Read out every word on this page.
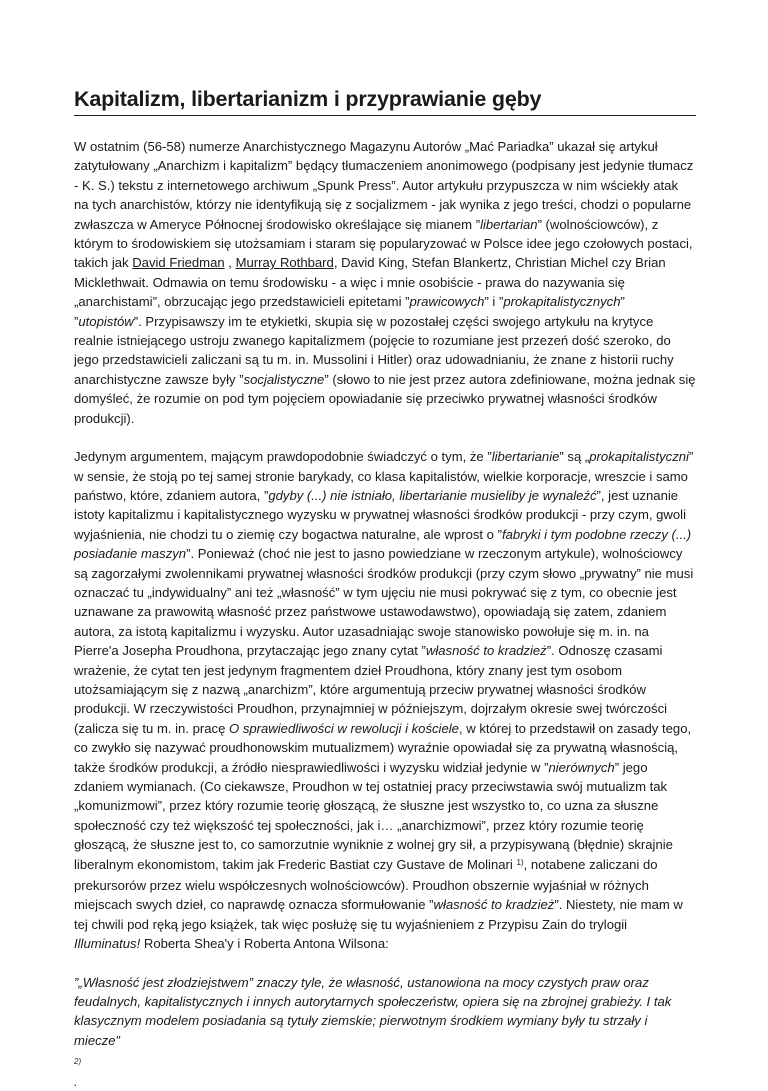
Kapitalizm, libertarianizm i przyprawianie gęby

W ostatnim (56-58) numerze Anarchistycznego Magazynu Autorów „Mać Pariadka” ukazał się artykuł zatytułowany „Anarchizm i kapitalizm” będący tłumaczeniem anonimowego (podpisany jest jedynie tłumacz - K. S.) tekstu z internetowego archiwum „Spunk Press”. Autor artykułu przypuszcza w nim wściekły atak na tych anarchistów, którzy nie identyfikują się z socjalizmem - jak wynika z jego treści, chodzi o popularne zwłaszcza w Ameryce Północnej środowisko określające się mianem ”libertarian” (wolnościowców), z którym to środowiskiem się utożsamiam i staram się popularyzować w Polsce idee jego czołowych postaci, takich jak David Friedman , Murray Rothbard, David King, Stefan Blankertz, Christian Michel czy Brian Micklethwait. Odmawia on temu środowisku - a więc i mnie osobiście - prawa do nazywania się „anarchistami”, obrzucając jego przedstawicieli epitetami ”prawicowych” i ”prokapitalistycznych” ”utopistów”. Przypisawszy im te etykietki, skupia się w pozostałej części swojego artykułu na krytyce realnie istniejącego ustroju zwanego kapitalizmem (pojęcie to rozumiane jest przezeń dość szeroko, do jego przedstawicieli zaliczani są tu m. in. Mussolini i Hitler) oraz udowadnianiu, że znane z historii ruchy anarchistyczne zawsze były ”socjalistyczne” (słowo to nie jest przez autora zdefiniowane, można jednak się domyśleć, że rozumie on pod tym pojęciem opowiadanie się przeciwko prywatnej własności środków produkcji).

Jedynym argumentem, mającym prawdopodobnie świadczyć o tym, że ”libertarianie” są „prokapitalistyczni” w sensie, że stoją po tej samej stronie barykady, co klasa kapitalistów, wielkie korporacje, wreszcie i samo państwo, które, zdaniem autora, ”gdyby (...) nie istniało, libertarianie musieliby je wynaleźć”, jest uznanie istoty kapitalizmu i kapitalistycznego wyzysku w prywatnej własności środków produkcji - przy czym, gwoli wyjaśnienia, nie chodzi tu o ziemię czy bogactwa naturalne, ale wprost o ”fabryki i tym podobne rzeczy (...) posiadanie maszyn”. Ponieważ (choć nie jest to jasno powiedziane w rzeczonym artykule), wolnościowcy są zagorzałymi zwolennikami prywatnej własności środków produkcji (przy czym słowo „prywatny” nie musi oznaczać tu „indywidualny” ani też „własność” w tym ujęciu nie musi pokrywać się z tym, co obecnie jest uznawane za prawowitą własność przez państwowe ustawodawstwo), opowiadają się zatem, zdaniem autora, za istotą kapitalizmu i wyzysku. Autor uzasadniając swoje stanowisko powołuje się m. in. na Pierre'a Josepha Proudhona, przytaczając jego znany cytat ”własność to kradzież”. Odnoszę czasami wrażenie, że cytat ten jest jedynym fragmentem dzieł Proudhona, który znany jest tym osobom utożsamiającym się z nazwą „anarchizm”, które argumentują przeciw prywatnej własności środków produkcji. W rzeczywistości Proudhon, przynajmniej w późniejszym, dojrzałym okresie swej twórczości (zalicza się tu m. in. pracę O sprawiedliwości w rewolucji i kościele, w której to przedstawił on zasady tego, co zwykło się nazywać proudhonowskim mutualizmem) wyraźnie opowiadał się za prywatną własnością, także środków produkcji, a źródło niesprawiedliwości i wyzysku widział jedynie w ”nierównych” jego zdaniem wymianach. (Co ciekawsze, Proudhon w tej ostatniej pracy przeciwstawia swój mutualizm tak „komunizmowi”, przez który rozumie teorię głoszącą, że słuszne jest wszystko to, co uzna za słuszne społeczność czy też większość tej społeczności, jak i… „anarchizmowi”, przez który rozumie teorię głoszącą, że słuszne jest to, co samorzutnie wyniknie z wolnej gry sił, a przypisywaną (błędnie) skrajnie liberalnym ekonomistom, takim jak Frederic Bastiat czy Gustave de Molinari $^{1)}$, notabene zaliczani do prekursorów przez wielu współczesnych wolnościowców). Proudhon obszernie wyjaśniał w różnych miejscach swych dzieł, co naprawdę oznacza sformułowanie ”własność to kradzież”. Niestety, nie mam w tej chwili pod ręką jego książek, tak więc posłużę się tu wyjaśnieniem z Przypisu Zain do trylogii Illuminatus! Roberta Shea'y i Roberta Antona Wilsona:

”„Własność jest złodziejstwem” znaczy tyle, że własność, ustanowiona na mocy czystych praw oraz feudalnych, kapitalistycznych i innych autorytarnych społeczeństw, opiera się na zbrojnej grabieży. I tak klasycznym modelem posiadania są tytuły ziemskie; pierwotnym środkiem wymiany były tu strzały i miecze”
2)
.
